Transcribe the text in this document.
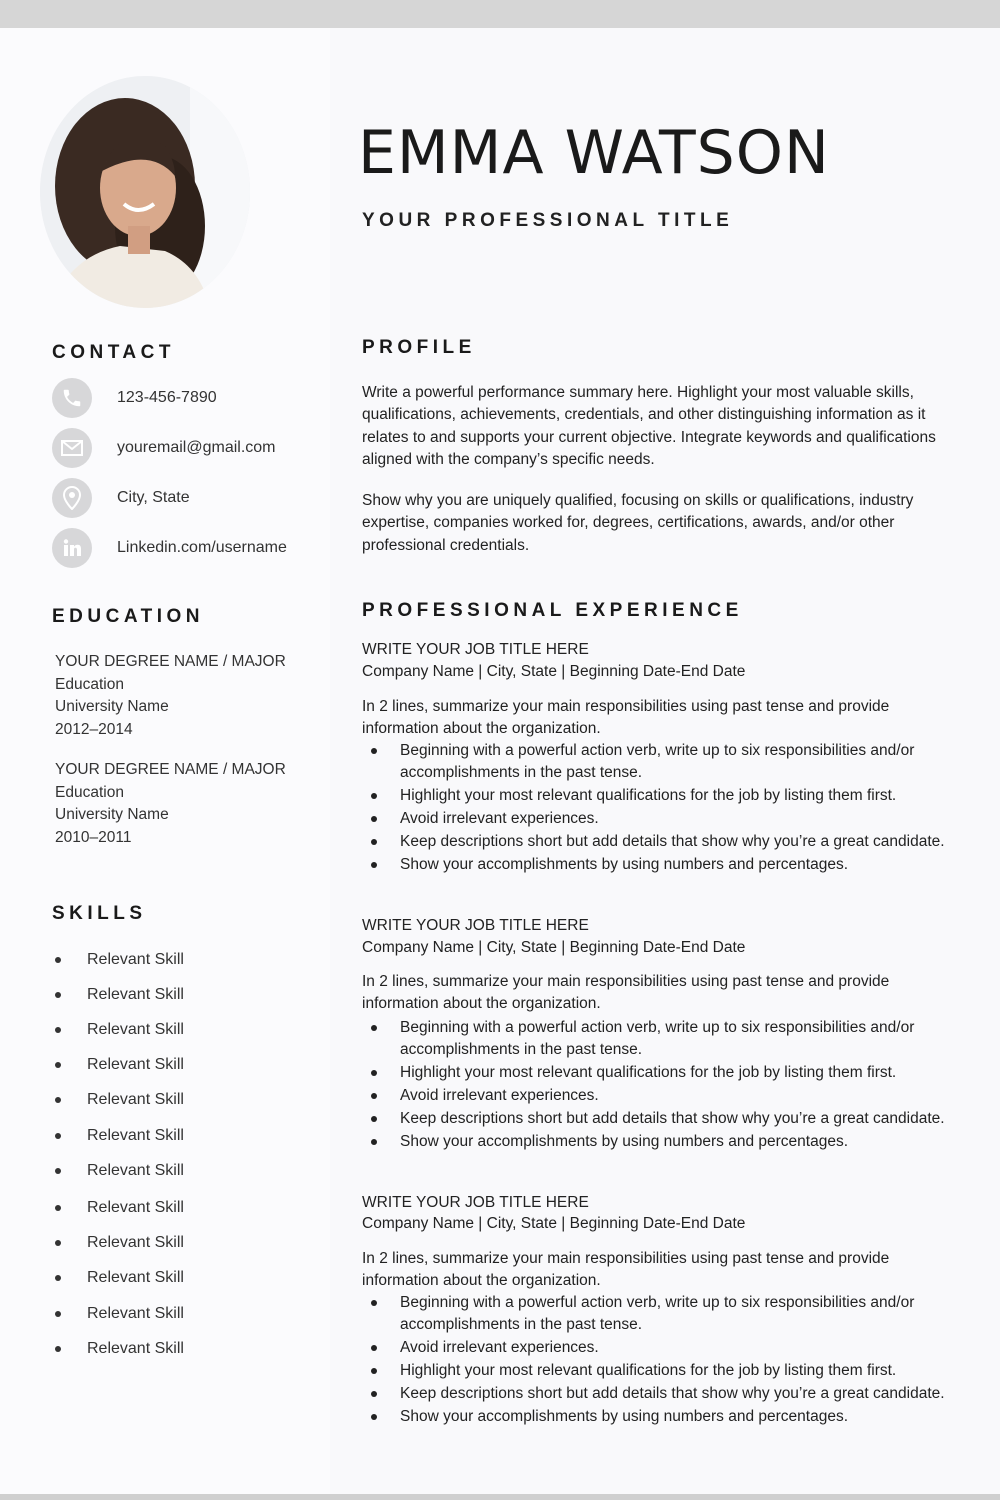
EMMA WATSON
YOUR PROFESSIONAL TITLE
CONTACT
123-456-7890
youremail@gmail.com
City, State
Linkedin.com/username
EDUCATION
YOUR DEGREE NAME / MAJOR
Education
University Name
2012–2014
YOUR DEGREE NAME / MAJOR
Education
University Name
2010–2011
SKILLS
Relevant Skill
Relevant Skill
Relevant Skill
Relevant Skill
Relevant Skill
Relevant Skill
Relevant Skill
Relevant Skill
Relevant Skill
Relevant Skill
Relevant Skill
Relevant Skill
PROFILE

Write a powerful performance summary here. Highlight your most valuable skills, qualifications, achievements, credentials, and other distinguishing information as it relates to and supports your current objective. Integrate keywords and qualifications aligned with the company’s specific needs.

Show why you are uniquely qualified, focusing on skills or qualifications, industry expertise, companies worked for, degrees, certifications, awards, and/or other professional credentials.

PROFESSIONAL EXPERIENCE
WRITE YOUR JOB TITLE HERE
Company Name | City, State | Beginning Date-End Date

In 2 lines, summarize your main responsibilities using past tense and provide information about the organization.

Beginning with a powerful action verb, write up to six responsibilities and/or accomplishments in the past tense.
Highlight your most relevant qualifications for the job by listing them first.
Avoid irrelevant experiences.
Keep descriptions short but add details that show why you’re a great candidate.
Show your accomplishments by using numbers and percentages.
WRITE YOUR JOB TITLE HERE
Company Name | City, State | Beginning Date-End Date

In 2 lines, summarize your main responsibilities using past tense and provide information about the organization.

Beginning with a powerful action verb, write up to six responsibilities and/or accomplishments in the past tense.
Highlight your most relevant qualifications for the job by listing them first.
Avoid irrelevant experiences.
Keep descriptions short but add details that show why you’re a great candidate.
Show your accomplishments by using numbers and percentages.
WRITE YOUR JOB TITLE HERE
Company Name | City, State | Beginning Date-End Date

In 2 lines, summarize your main responsibilities using past tense and provide information about the organization.

Beginning with a powerful action verb, write up to six responsibilities and/or accomplishments in the past tense.
Avoid irrelevant experiences.
Highlight your most relevant qualifications for the job by listing them first.
Keep descriptions short but add details that show why you’re a great candidate.
Show your accomplishments by using numbers and percentages.
